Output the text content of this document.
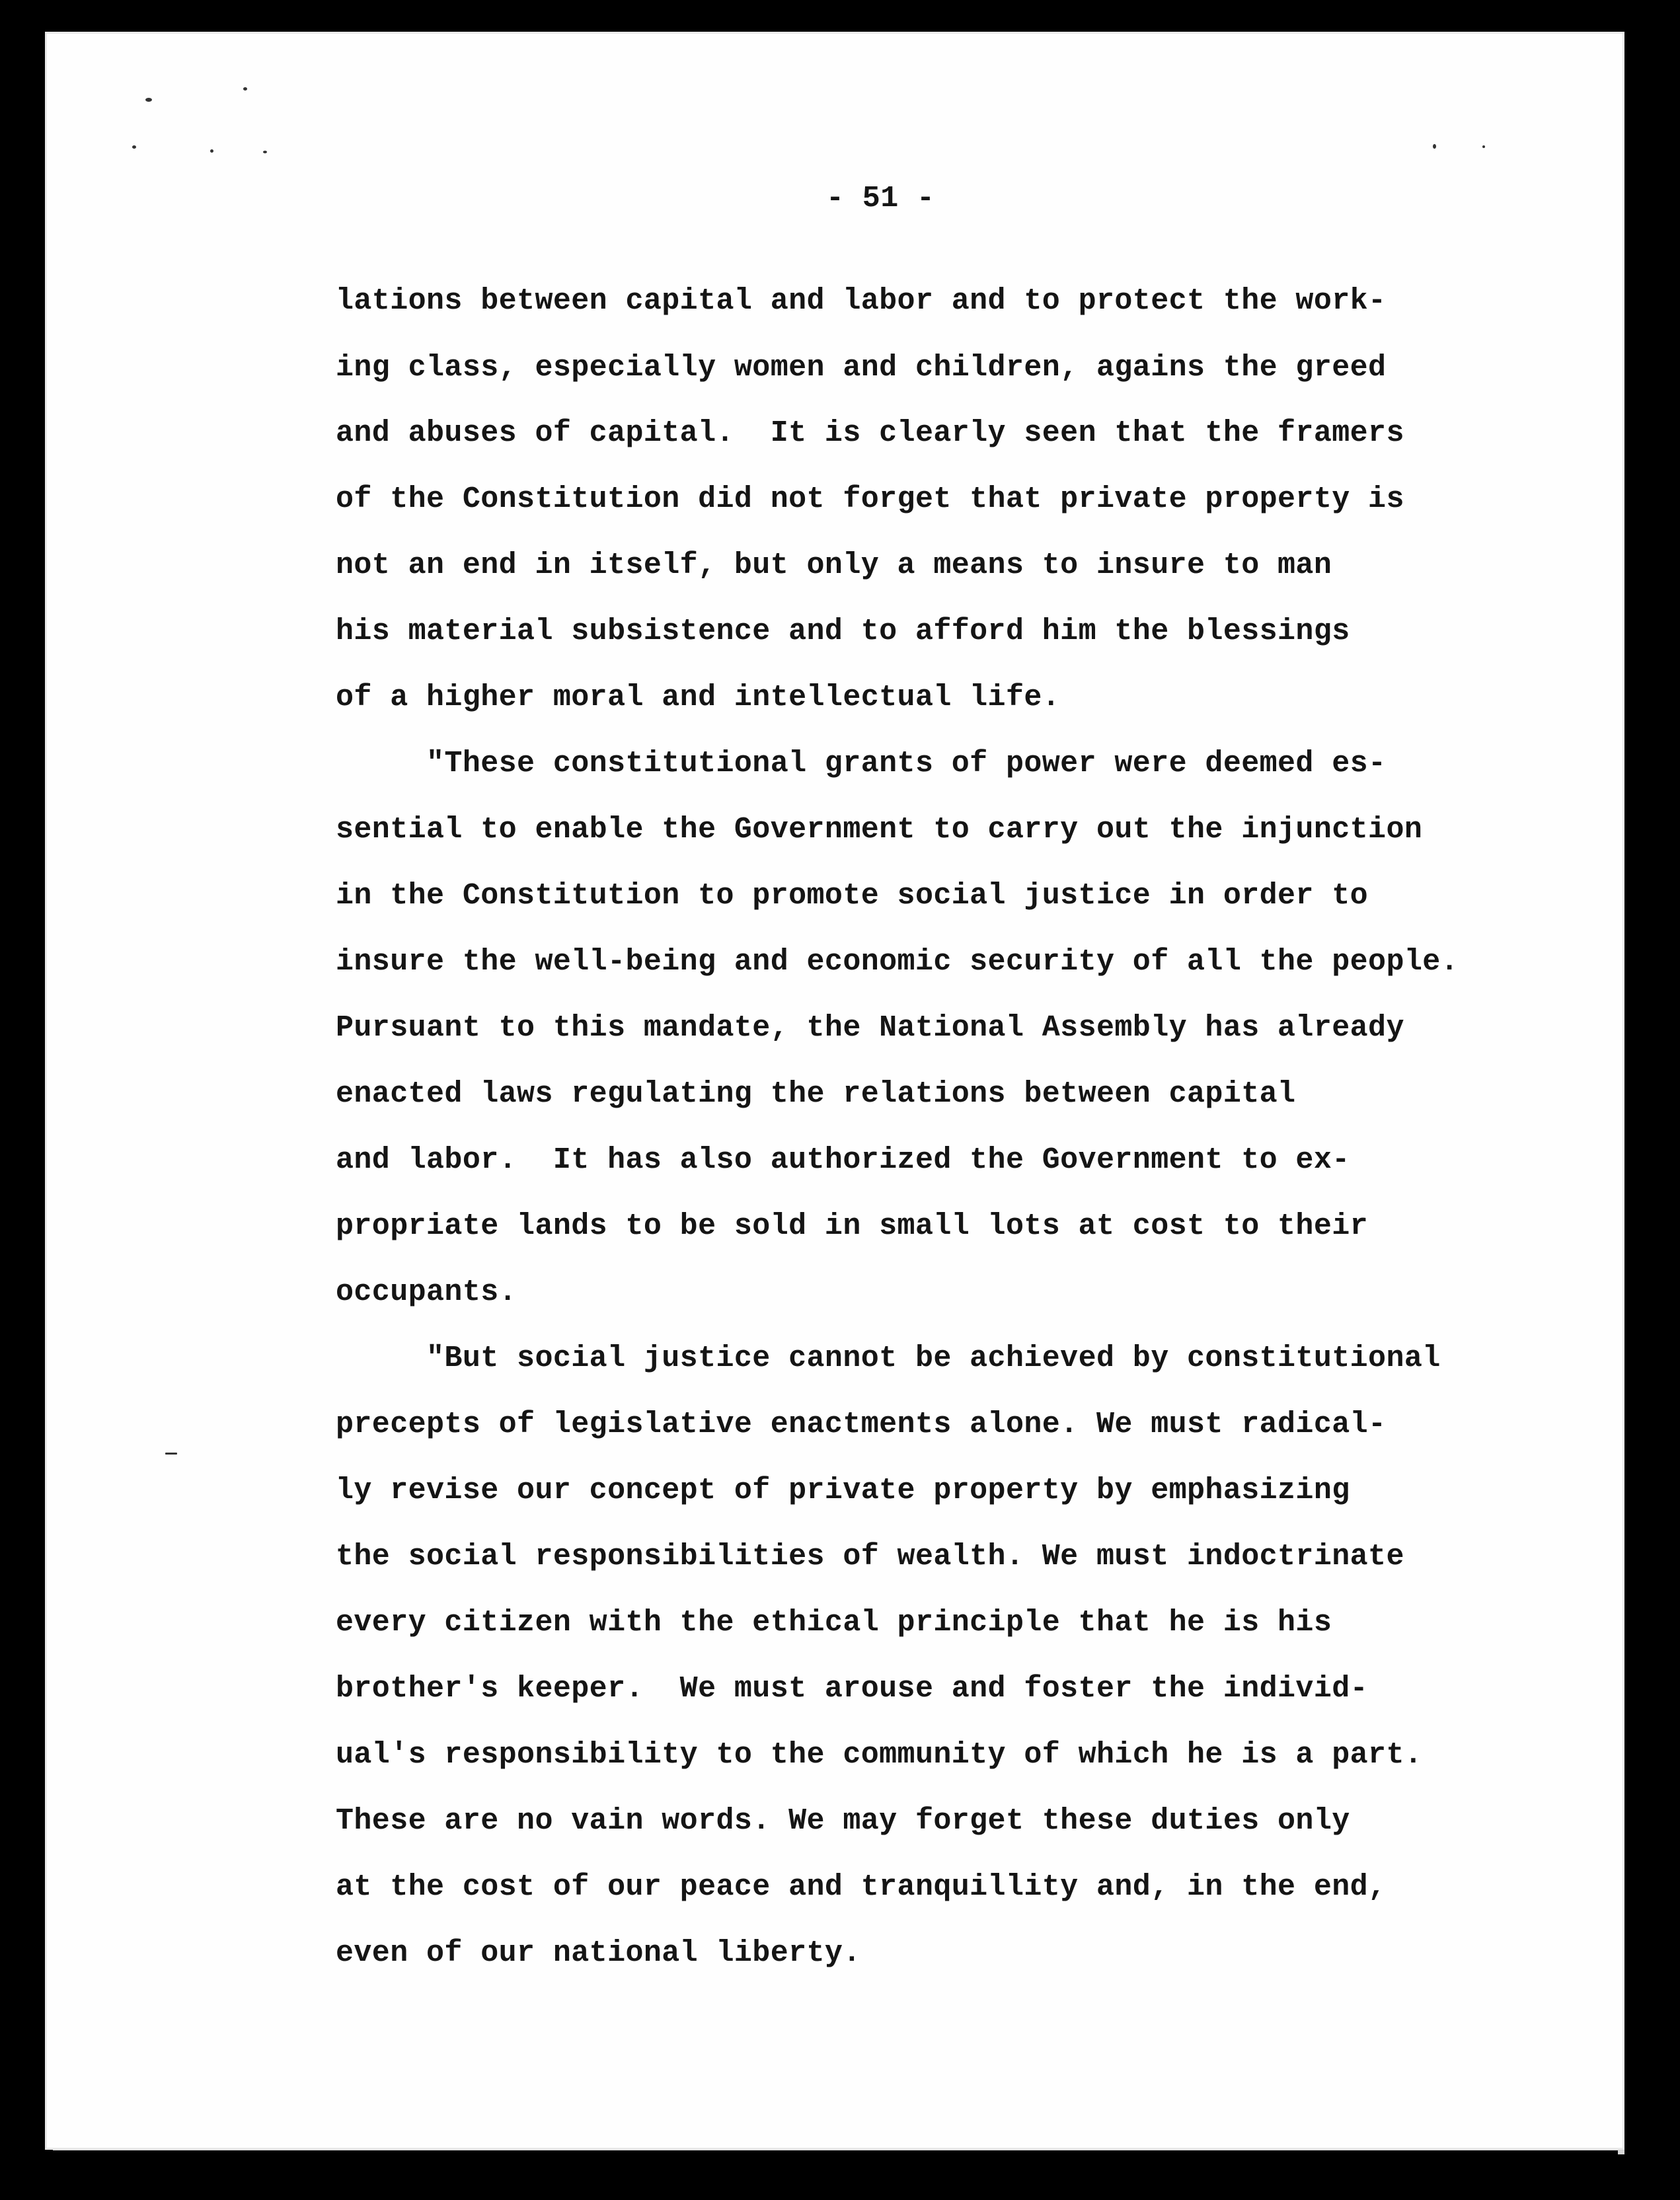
- 51 -
lations between capital and labor and to protect the work-
ing class, especially women and children, agains the greed
and abuses of capital.  It is clearly seen that the framers
of the Constitution did not forget that private property is
not an end in itself, but only a means to insure to man
his material subsistence and to afford him the blessings
of a higher moral and intellectual life.
"These constitutional grants of power were deemed es-
sential to enable the Government to carry out the injunction
in the Constitution to promote social justice in order to
insure the well-being and economic security of all the people.
Pursuant to this mandate, the National Assembly has already
enacted laws regulating the relations between capital
and labor.  It has also authorized the Government to ex-
propriate lands to be sold in small lots at cost to their
occupants.
"But social justice cannot be achieved by constitutional
precepts of legislative enactments alone. We must radical-
ly revise our concept of private property by emphasizing
the social responsibilities of wealth. We must indoctrinate
every citizen with the ethical principle that he is his
brother's keeper.  We must arouse and foster the individ-
ual's responsibility to the community of which he is a part.
These are no vain words. We may forget these duties only
at the cost of our peace and tranquillity and, in the end,
even of our national liberty.
